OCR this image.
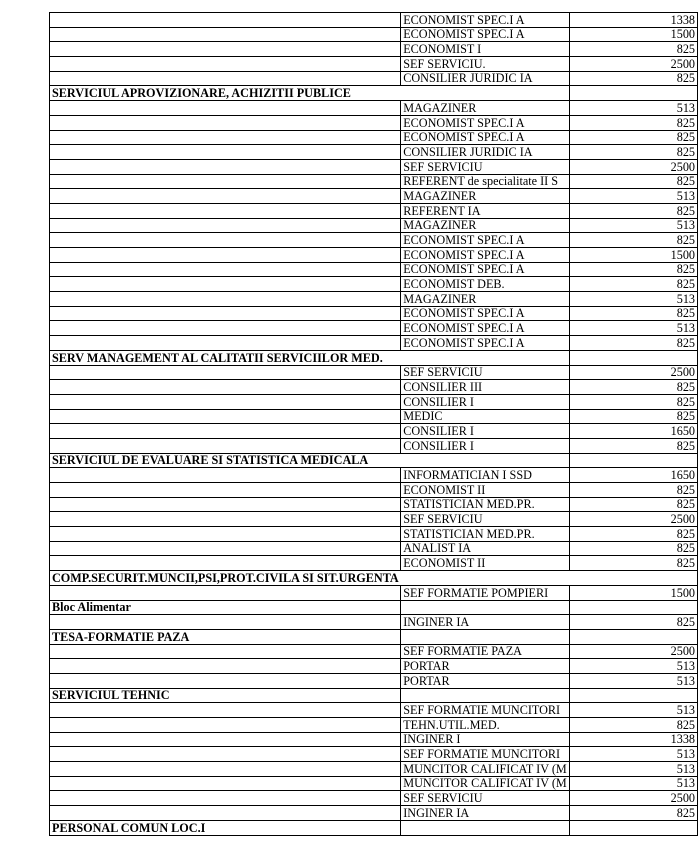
	ECONOMIST SPEC.I A	1338
	ECONOMIST SPEC.I A	1500
	ECONOMIST I	825
	SEF SERVICIU.	2500
	CONSILIER JURIDIC IA	825
SERVICIUL APROVIZIONARE, ACHIZITII PUBLICE		
	MAGAZINER	513
	ECONOMIST SPEC.I A	825
	ECONOMIST SPEC.I A	825
	CONSILIER JURIDIC IA	825
	SEF SERVICIU	2500
	REFERENT de specialitate II S	825
	MAGAZINER	513
	REFERENT IA	825
	MAGAZINER	513
	ECONOMIST SPEC.I A	825
	ECONOMIST SPEC.I A	1500
	ECONOMIST SPEC.I A	825
	ECONOMIST DEB.	825
	MAGAZINER	513
	ECONOMIST SPEC.I A	825
	ECONOMIST SPEC.I A	513
	ECONOMIST SPEC.I A	825
SERV MANAGEMENT AL CALITATII SERVICIILOR MED.		
	SEF SERVICIU	2500
	CONSILIER III	825
	CONSILIER I	825
	MEDIC	825
	CONSILIER I	1650
	CONSILIER I	825
SERVICIUL DE EVALUARE SI STATISTICA MEDICALA		
	INFORMATICIAN I SSD	1650
	ECONOMIST II	825
	STATISTICIAN MED.PR.	825
	SEF SERVICIU	2500
	STATISTICIAN MED.PR.	825
	ANALIST IA	825
	ECONOMIST II	825
COMP.SECURIT.MUNCII,PSI,PROT.CIVILA SI SIT.URGENTA		
	SEF FORMATIE POMPIERI	1500
Bloc Alimentar		
	INGINER IA	825
TESA-FORMATIE PAZA		
	SEF FORMATIE PAZA	2500
	PORTAR	513
	PORTAR	513
SERVICIUL TEHNIC		
	SEF FORMATIE MUNCITORI	513
	TEHN.UTIL.MED.	825
	INGINER I	1338
	SEF FORMATIE MUNCITORI	513
	MUNCITOR CALIFICAT IV (M	513
	MUNCITOR CALIFICAT IV (M	513
	SEF SERVICIU	2500
	INGINER IA	825
PERSONAL COMUN LOC.I		
